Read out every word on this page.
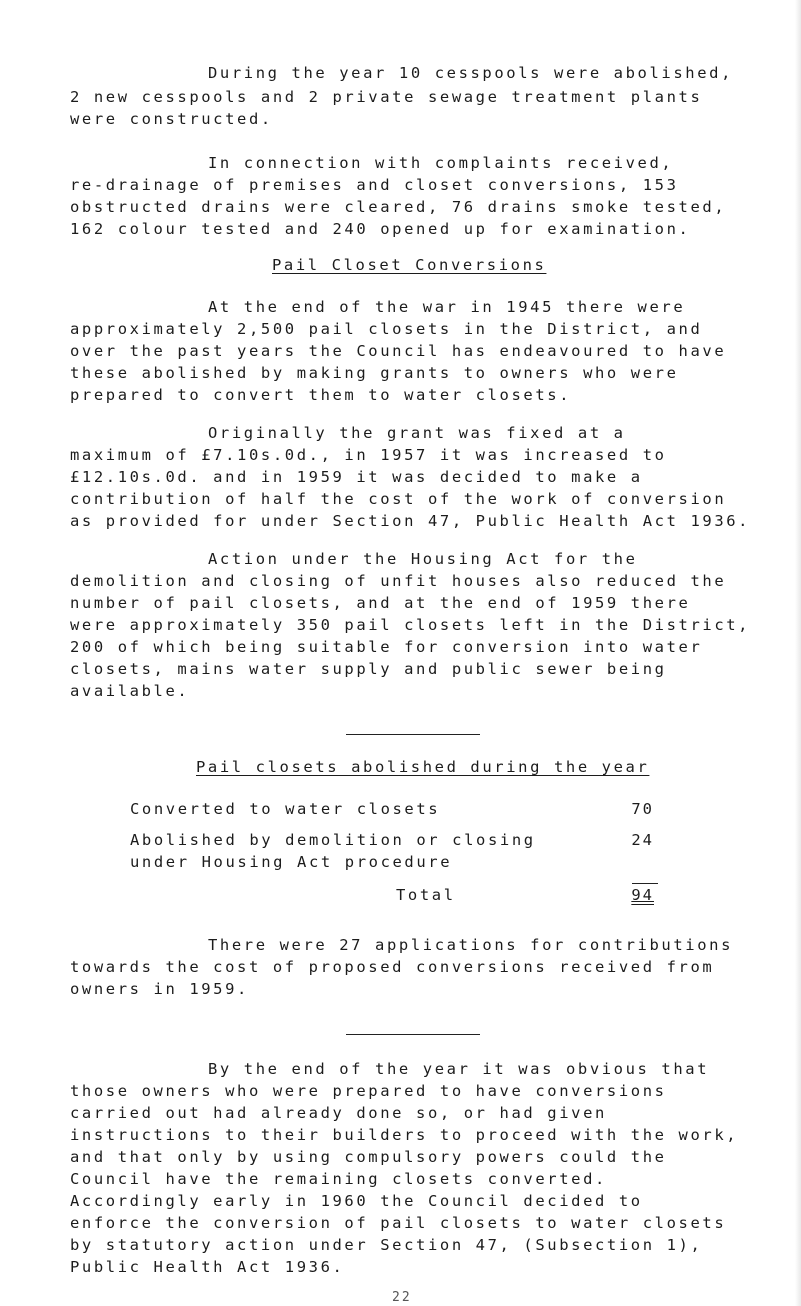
During the year 10 cesspools were abolished,
2 new cesspools and 2 private sewage treatment plants
were constructed.
In connection with complaints received,
re-drainage of premises and closet conversions, 153
obstructed drains were cleared, 76 drains smoke tested,
162 colour tested and 240 opened up for examination.
Pail Closet Conversions
At the end of the war in 1945 there were
approximately 2,500 pail closets in the District, and
over the past years the Council has endeavoured to have
these abolished by making grants to owners who were
prepared to convert them to water closets.
Originally the grant was fixed at a
maximum of £7.10s.0d., in 1957 it was increased to
£12.10s.0d. and in 1959 it was decided to make a
contribution of half the cost of the work of conversion
as provided for under Section 47, Public Health Act 1936.
Action under the Housing Act for the
demolition and closing of unfit houses also reduced the
number of pail closets, and at the end of 1959 there
were approximately 350 pail closets left in the District,
200 of which being suitable for conversion into water
closets, mains water supply and public sewer being
available.
Pail closets abolished during the year
Converted to water closets	70
Abolished by demolition or closing
under Housing Act procedure
24
Total	94
There were 27 applications for contributions
towards the cost of proposed conversions received from
owners in 1959.
By the end of the year it was obvious that
those owners who were prepared to have conversions
carried out had already done so, or had given
instructions to their builders to proceed with the work,
and that only by using compulsory powers could the
Council have the remaining closets converted.
Accordingly early in 1960 the Council decided to
enforce the conversion of pail closets to water closets
by statutory action under Section 47, (Subsection 1),
Public Health Act 1936.
22
